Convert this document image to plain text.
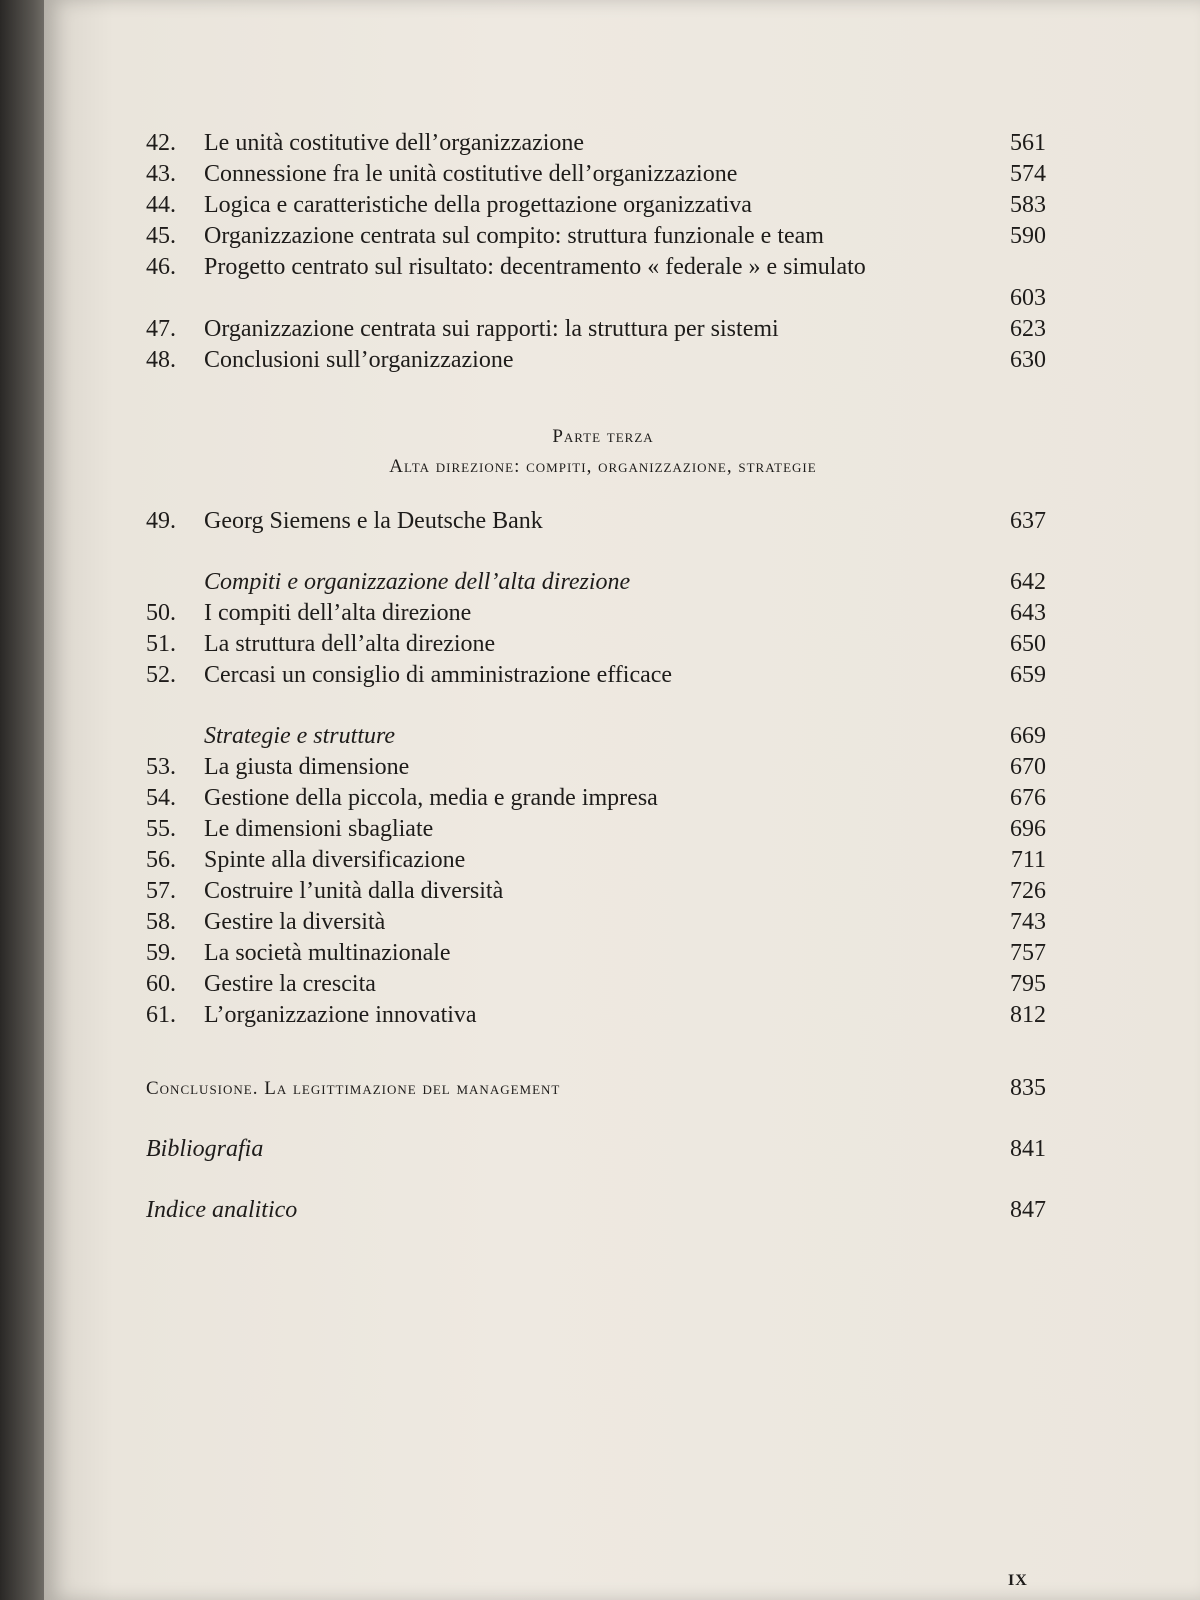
42. Le unità costitutive dell’organizzazione	561
43. Connessione fra le unità costitutive dell’organizzazione	574
44. Logica e caratteristiche della progettazione organizzativa	583
45. Organizzazione centrata sul compito: struttura funzionale e team	590
46. Progetto centrato sul risultato: decentramento « federale » e simulato
603
47. Organizzazione centrata sui rapporti: la struttura per sistemi	623
48. Conclusioni sull’organizzazione	630
Parte terza
Alta direzione: compiti, organizzazione, strategie
49. Georg Siemens e la Deutsche Bank	637
Compiti e organizzazione dell’alta direzione	642
50. I compiti dell’alta direzione	643
51. La struttura dell’alta direzione	650
52. Cercasi un consiglio di amministrazione efficace	659
Strategie e strutture	669
53. La giusta dimensione	670
54. Gestione della piccola, media e grande impresa	676
55. Le dimensioni sbagliate	696
56. Spinte alla diversificazione	711
57. Costruire l’unità dalla diversità	726
58. Gestire la diversità	743
59. La società multinazionale	757
60. Gestire la crescita	795
61. L’organizzazione innovativa	812
Conclusione. La legittimazione del management	835
Bibliografia	841
Indice analitico	847
IX
